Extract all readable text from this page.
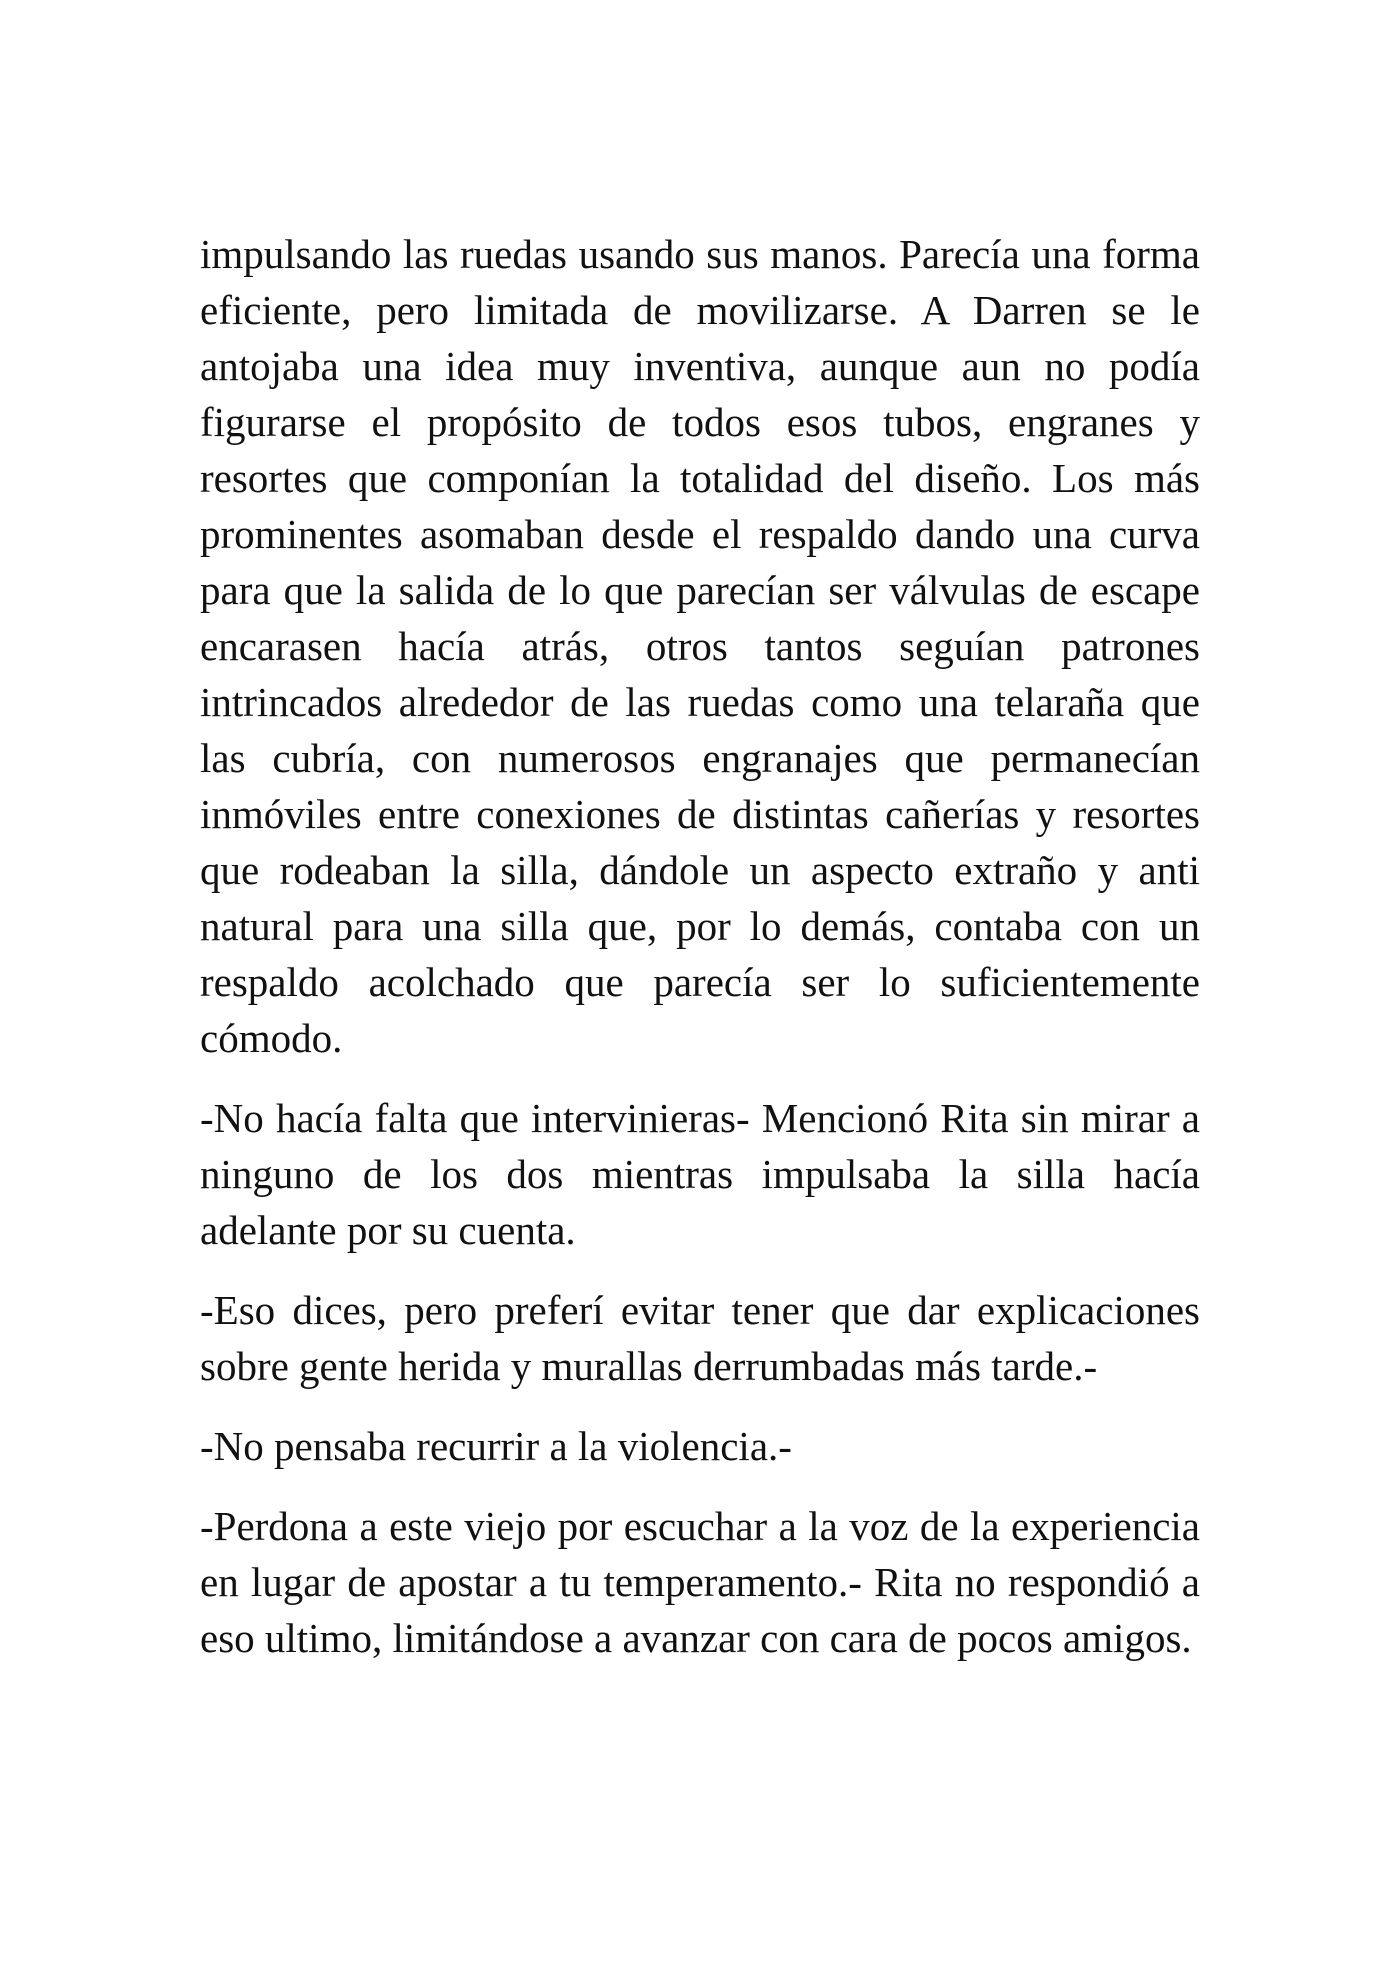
impulsando las ruedas usando sus manos. Parecía una forma eficiente, pero limitada de movilizarse. A Darren se le antojaba una idea muy inventiva, aunque aun no podía figurarse el propósito de todos esos tubos, engranes y resortes que componían la totalidad del diseño. Los más prominentes asomaban desde el respaldo dando una curva para que la salida de lo que parecían ser válvulas de escape encarasen hacía atrás, otros tantos seguían patrones intrincados alrededor de las ruedas como una telaraña que las cubría, con numerosos engranajes que permanecían inmóviles entre conexiones de distintas cañerías y resortes que rodeaban la silla, dándole un aspecto extraño y anti natural para una silla que, por lo demás, contaba con un respaldo acolchado que parecía ser lo suficientemente cómodo.

-No hacía falta que intervinieras- Mencionó Rita sin mirar a ninguno de los dos mientras impulsaba la silla hacía adelante por su cuenta.

-Eso dices, pero preferí evitar tener que dar explicaciones sobre gente herida y murallas derrumbadas más tarde.-

-No pensaba recurrir a la violencia.-

-Perdona a este viejo por escuchar a la voz de la experiencia en lugar de apostar a tu temperamento.- Rita no respondió a eso ultimo, limitándose a avanzar con cara de pocos amigos.
